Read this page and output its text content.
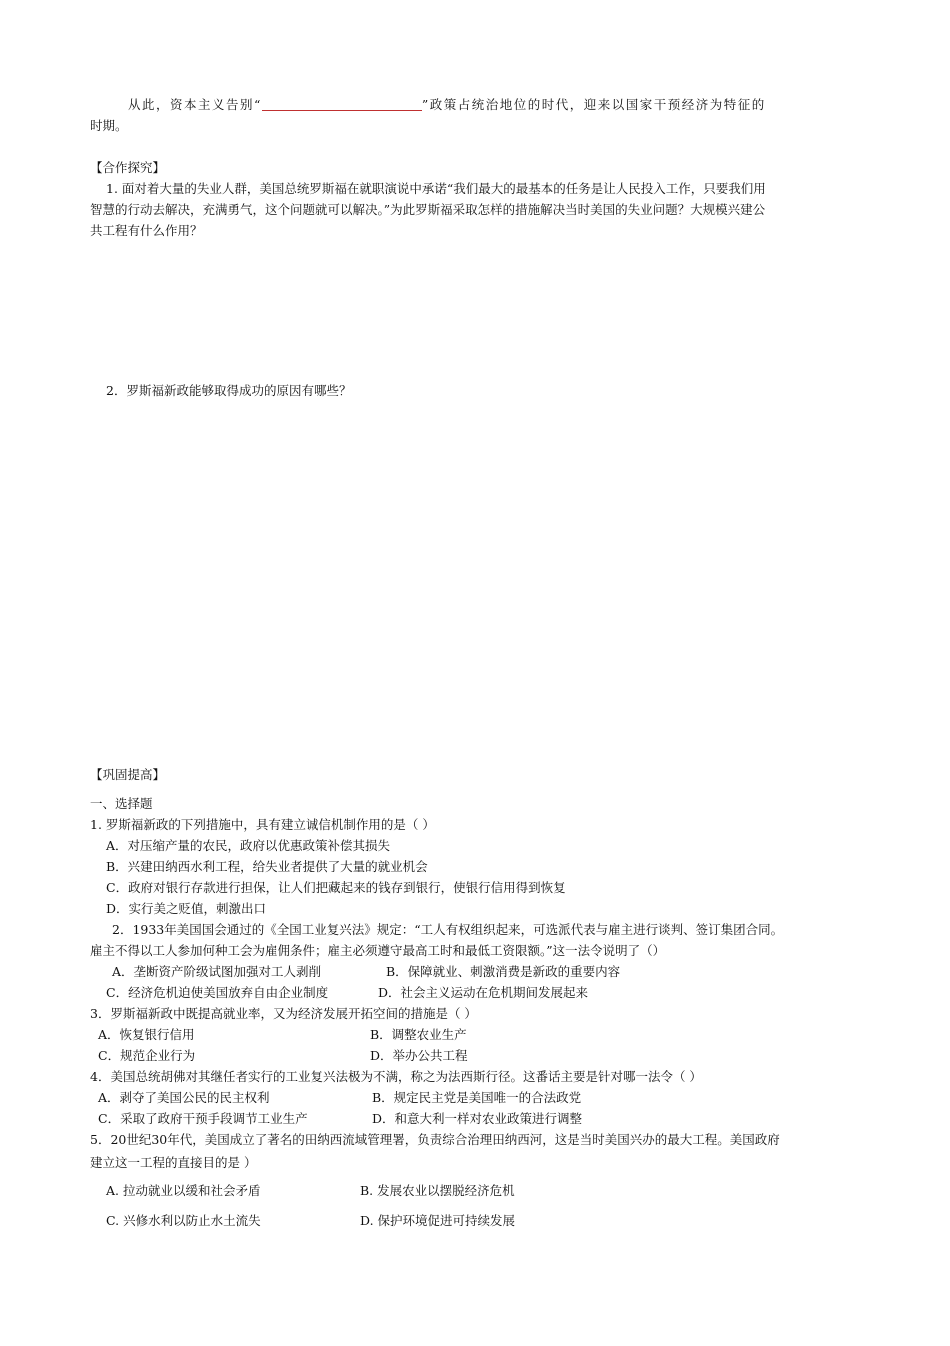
从此，资本主义告别“	”政策占统治地位的时代，迎来以国家干预经济为特征的
时期。
【合作探究】
1. 面对着大量的失业人群，美国总统罗斯福在就职演说中承诺“我们最大的最基本的任务是让人民投入工作，只要我们用
智慧的行动去解决，充满勇气，这个问题就可以解决。”为此罗斯福采取怎样的措施解决当时美国的失业问题？大规模兴建公
共工程有什么作用？
2．罗斯福新政能够取得成功的原因有哪些？
【巩固提高】
一、选择题
1. 罗斯福新政的下列措施中，具有建立诚信机制作用的是（ ）
A．对压缩产量的农民，政府以优惠政策补偿其损失
B．兴建田纳西水利工程，给失业者提供了大量的就业机会
C．政府对银行存款进行担保，让人们把藏起来的钱存到银行，使银行信用得到恢复
D．实行美之贬值，刺激出口
2．1933年美国国会通过的《全国工业复兴法》规定：“工人有权组织起来，可选派代表与雇主进行谈判、签订集团合同。
雇主不得以工人参加何种工会为雇佣条件；雇主必须遵守最高工时和最低工资限额。”这一法令说明了（）
A．垄断资产阶级试图加强对工人剥削	B．保障就业、刺激消费是新政的重要内容
C．经济危机迫使美国放弃自由企业制度	D．社会主义运动在危机期间发展起来
3．罗斯福新政中既提高就业率，又为经济发展开拓空间的措施是（ ）
A．恢复银行信用	B．调整农业生产
C．规范企业行为	D．举办公共工程
4．美国总统胡佛对其继任者实行的工业复兴法极为不满，称之为法西斯行径。这番话主要是针对哪一法令（ ）
A．剥夺了美国公民的民主权利	B．规定民主党是美国唯一的合法政党
C．采取了政府干预手段调节工业生产	D．和意大利一样对农业政策进行调整
5．20世纪30年代，美国成立了著名的田纳西流域管理署，负责综合治理田纳西河，这是当时美国兴办的最大工程。美国政府
建立这一工程的直接目的是 ）
A. 拉动就业以缓和社会矛盾	B. 发展农业以摆脱经济危机
C. 兴修水利以防止水土流失	D. 保护环境促进可持续发展
